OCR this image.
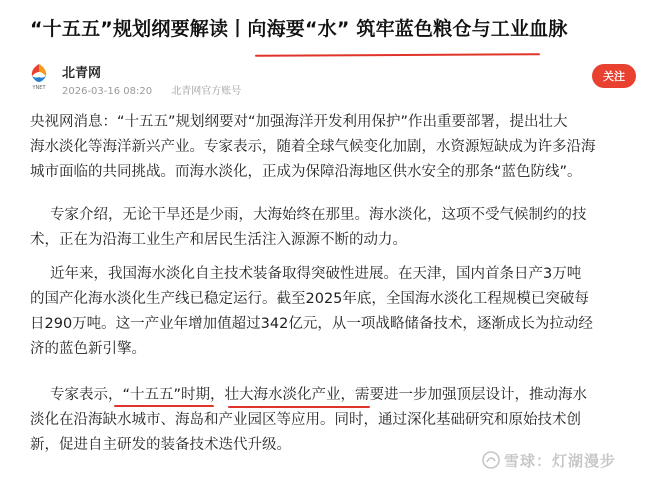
“十五五”规划纲要解读丨向海要“水” 筑牢蓝色粮仓与工业血脉
YNET
北青网
2026-03-16 08:20 北青网官方账号
关注
央视网消息：“十五五”规划纲要对“加强海洋开发利用保护”作出重要部署，提出壮大
海水淡化等海洋新兴产业。专家表示，随着全球气候变化加剧，水资源短缺成为许多沿海
城市面临的共同挑战。而海水淡化，正成为保障沿海地区供水安全的那条“蓝色防线”。
专家介绍，无论干旱还是少雨，大海始终在那里。海水淡化，这项不受气候制约的技
术，正在为沿海工业生产和居民生活注入源源不断的动力。
近年来，我国海水淡化自主技术装备取得突破性进展。在天津，国内首条日产3万吨
的国产化海水淡化生产线已稳定运行。截至2025年底，全国海水淡化工程规模已突破每
日290万吨。这一产业年增加值超过342亿元，从一项战略储备技术，逐渐成长为拉动经
济的蓝色新引擎。
专家表示，“十五五”时期，壮大海水淡化产业，需要进一步加强顶层设计，推动海水
淡化在沿海缺水城市、海岛和产业园区等应用。同时，通过深化基础研究和原始技术创
新，促进自主研发的装备技术迭代升级。
雪球：灯湖漫步
